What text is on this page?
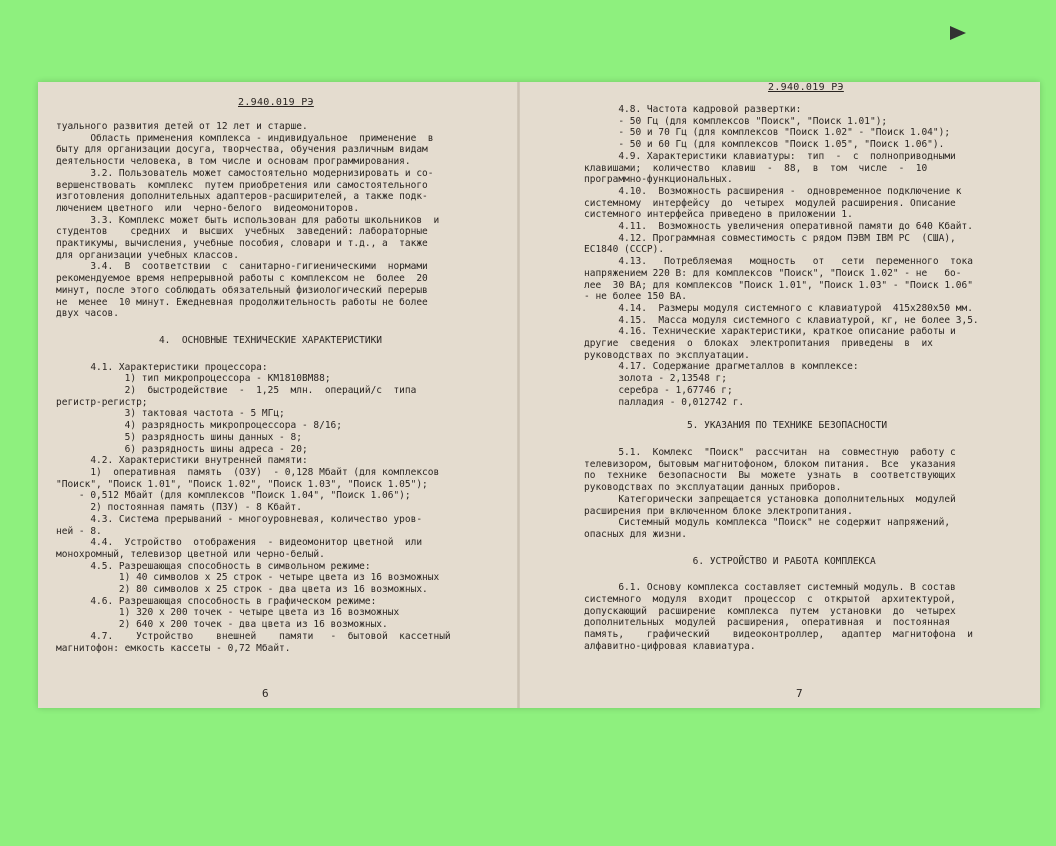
2.940.019 РЭ

туального развития детей от 12 лет и старше.

Область применения комплекса - индивидуальное  применение  в

быту для организации досуга, творчества, обучения различным видам

деятельности человека, в том числе и основам программирования.

3.2. Пользователь может самостоятельно модернизировать и со-

вершенствовать  комплекс  путем приобретения или самостоятельного

изготовления дополнительных адаптеров-расширителей, а также подк-

лючением цветного  или  черно-белого  видеомониторов.

3.3. Комплекс может быть использован для работы школьников  и

студентов    средних  и  высших  учебных  заведений: лабораторные

практикумы, вычисления, учебные пособия, словари и т.д., а  также

для организации учебных классов.

3.4.  В  соответствии  с  санитарно-гигиеническими  нормами

рекомендуемое время непрерывной работы с комплексом не  более  20

минут, после этого соблюдать обязательный физиологический перерыв

не  менее  10 минут. Ежедневная продолжительность работы не более

двух часов.

4.  ОСНОВНЫЕ ТЕХНИЧЕСКИЕ ХАРАКТЕРИСТИКИ

4.1. Характеристики процессора:

1) тип микропроцессора - КМ1810ВМ88;

2)  быстродействие  -  1,25  млн.  операций/с  типа

регистр-регистр;

3) тактовая частота - 5 МГц;

4) разрядность микропроцессора - 8/16;

5) разрядность шины данных - 8;

6) разрядность шины адреса - 20;

4.2. Характеристики внутренней памяти:

1)  оперативная  память  (ОЗУ)  - 0,128 Мбайт (для комплексов

"Поиск", "Поиск 1.01", "Поиск 1.02", "Поиск 1.03", "Поиск 1.05");

- 0,512 Мбайт (для комплексов "Поиск 1.04", "Поиск 1.06");

2) постоянная память (ПЗУ) - 8 Кбайт.

4.3. Система прерываний - многоуровневая, количество уров-

ней - 8.

4.4.  Устройство  отображения  - видеомонитор цветной  или

монохромный, телевизор цветной или черно-белый.

4.5. Разрешающая способность в символьном режиме:

1) 40 символов x 25 строк - четыре цвета из 16 возможных

2) 80 символов x 25 строк - два цвета из 16 возможных.

4.6. Разрешающая способность в графическом режиме:

1) 320 x 200 точек - четыре цвета из 16 возможных

2) 640 x 200 точек - два цвета из 16 возможных.

4.7.    Устройство    внешней    памяти   -  бытовой  кассетный

магнитофон: емкость кассеты - 0,72 Мбайт.

6
2.940.019 РЭ

4.8. Частота кадровой развертки:

- 50 Гц (для комплексов "Поиск", "Поиск 1.01");

- 50 и 70 Гц (для комплексов "Поиск 1.02" - "Поиск 1.04");

- 50 и 60 Гц (для комплексов "Поиск 1.05", "Поиск 1.06").

4.9. Характеристики клавиатуры:  тип  -  с  полноприводными

клавишами;  количество  клавиш  -  88,  в  том  числе  -  10

программно-функциональных.

4.10.  Возможность расширения -  одновременное подключение к

системному  интерфейсу  до  четырех  модулей расширения. Описание

системного интерфейса приведено в приложении 1.

4.11.  Возможность увеличения оперативной памяти до 640 Кбайт.

4.12. Программная совместимость с рядом ПЭВМ IBM PC  (США),

ЕС1840 (СССР).

4.13.   Потребляемая   мощность   от   сети  переменного  тока

напряжением 220 В: для комплексов "Поиск", "Поиск 1.02" - не   бо-

лее  30 ВА; для комплексов "Поиск 1.01", "Поиск 1.03" - "Поиск 1.06"

- не более 150 ВА.

4.14.  Размеры модуля системного с клавиатурой  415x280x50 мм.

4.15.  Масса модуля системного с клавиатурой, кг, не более 3,5.

4.16. Технические характеристики, краткое описание работы и

другие  сведения  о  блоках  электропитания  приведены  в  их

руководствах по эксплуатации.

4.17. Содержание драгметаллов в комплексе:

золота - 2,13548 г;

серебра - 1,67746 г;

палладия - 0,012742 г.

5. УКАЗАНИЯ ПО ТЕХНИКЕ БЕЗОПАСНОСТИ

5.1.  Комлекс  "Поиск"  рассчитан  на  совместную  работу с

телевизором, бытовым магнитофоном, блоком питания.  Все  указания

по  технике  безопасности  Вы  можете  узнать  в  соответствующих

руководствах по эксплуатации данных приборов.

Категорически запрещается установка дополнительных  модулей

расширения при включенном блоке электропитания.

Системный модуль комплекса "Поиск" не содержит напряжений,

опасных для жизни.

6. УСТРОЙСТВО И РАБОТА КОМПЛЕКСА

6.1. Основу комплекса составляет системный модуль. В состав

системного  модуля  входит  процессор  с  открытой  архитектурой,

допускающий  расширение  комплекса  путем  установки  до  четырех

дополнительных  модулей  расширения,  оперативная  и  постоянная

память,    графический    видеоконтроллер,   адаптер  магнитофона  и

алфавитно-цифровая клавиатура.

7
